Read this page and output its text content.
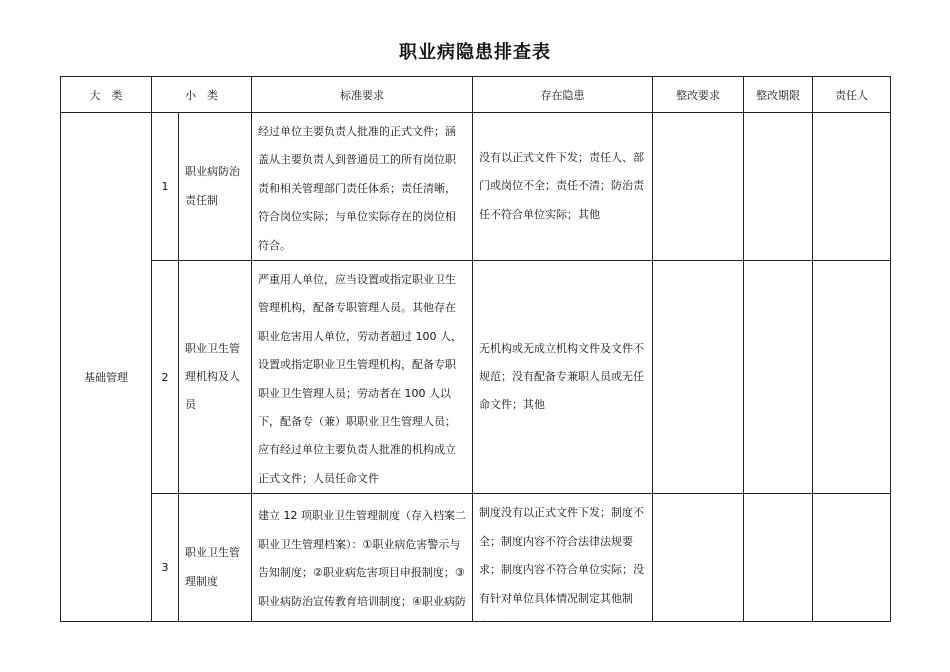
职业病隐患排查表
大　类	小　类		标准要求	存在隐患	整改要求	整改期限	责任人
基础管理	1	职业病防治责任制	经过单位主要负责人批准的正式文件；涵盖从主要负责人到普通员工的所有岗位职责和相关管理部门责任体系；责任清晰，符合岗位实际；与单位实际存在的岗位相符合。	没有以正式文件下发；责任人、部门或岗位不全；责任不清；防治责任不符合单位实际；其他			
	2	职业卫生管理机构及人员	严重用人单位，应当设置或指定职业卫生管理机构，配备专职管理人员。其他存在职业危害用人单位，劳动者超过 100 人，设置或指定职业卫生管理机构，配备专职职业卫生管理人员；劳动者在 100 人以下，配备专（兼）职职业卫生管理人员；应有经过单位主要负责人批准的机构成立正式文件；人员任命文件	无机构或无成立机构文件及文件不规范；没有配备专兼职人员或无任命文件；其他			
	3	职业卫生管理制度	建立 12 项职业卫生管理制度（存入档案二职业卫生管理档案）：①职业病危害警示与告知制度；②职业病危害项目申报制度；③职业病防治宣传教育培训制度；④职业病防	制度没有以正式文件下发；制度不全；制度内容不符合法律法规要求；制度内容不符合单位实际；没有针对单位具体情况制定其他制			
